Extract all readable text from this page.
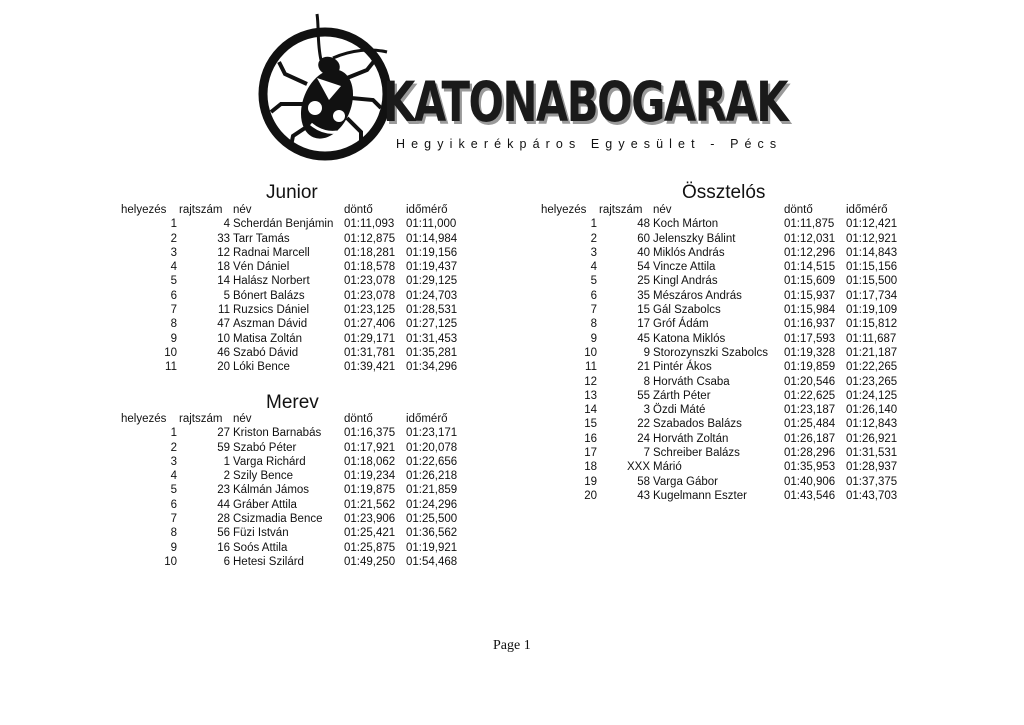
KATONABOGARAK
Hegyikerékpáros Egyesület - Pécs
Junior
helyezés	rajtszám	név	döntő	időmérő
1	4	Scherdán Benjámin	01:11,093	01:11,000
2	33	Tarr Tamás	01:12,875	01:14,984
3	12	Radnai Marcell	01:18,281	01:19,156
4	18	Vén Dániel	01:18,578	01:19,437
5	14	Halász Norbert	01:23,078	01:29,125
6	5	Bónert Balázs	01:23,078	01:24,703
7	11	Ruzsics Dániel	01:23,125	01:28,531
8	47	Aszman Dávid	01:27,406	01:27,125
9	10	Matisa Zoltán	01:29,171	01:31,453
10	46	Szabó Dávid	01:31,781	01:35,281
11	20	Lóki Bence	01:39,421	01:34,296
Merev
helyezés	rajtszám	név	döntő	időmérő
1	27	Kriston Barnabás	01:16,375	01:23,171
2	59	Szabó Péter	01:17,921	01:20,078
3	1	Varga Richárd	01:18,062	01:22,656
4	2	Szily Bence	01:19,234	01:26,218
5	23	Kálmán Jámos	01:19,875	01:21,859
6	44	Gráber Attila	01:21,562	01:24,296
7	28	Csizmadia Bence	01:23,906	01:25,500
8	56	Füzi István	01:25,421	01:36,562
9	16	Soós Attila	01:25,875	01:19,921
10	6	Hetesi Szilárd	01:49,250	01:54,468
Össztelós
helyezés	rajtszám	név	döntő	időmérő
1	48	Koch Márton	01:11,875	01:12,421
2	60	Jelenszky Bálint	01:12,031	01:12,921
3	40	Miklós András	01:12,296	01:14,843
4	54	Vincze Attila	01:14,515	01:15,156
5	25	Kingl András	01:15,609	01:15,500
6	35	Mészáros András	01:15,937	01:17,734
7	15	Gál Szabolcs	01:15,984	01:19,109
8	17	Gróf Ádám	01:16,937	01:15,812
9	45	Katona Miklós	01:17,593	01:11,687
10	9	Storozynszki Szabolcs	01:19,328	01:21,187
11	21	Pintér Ákos	01:19,859	01:22,265
12	8	Horváth Csaba	01:20,546	01:23,265
13	55	Zárth Péter	01:22,625	01:24,125
14	3	Özdi Máté	01:23,187	01:26,140
15	22	Szabados Balázs	01:25,484	01:12,843
16	24	Horváth Zoltán	01:26,187	01:26,921
17	7	Schreiber Balázs	01:28,296	01:31,531
18	XXX	Márió	01:35,953	01:28,937
19	58	Varga Gábor	01:40,906	01:37,375
20	43	Kugelmann Eszter	01:43,546	01:43,703
Page 1
